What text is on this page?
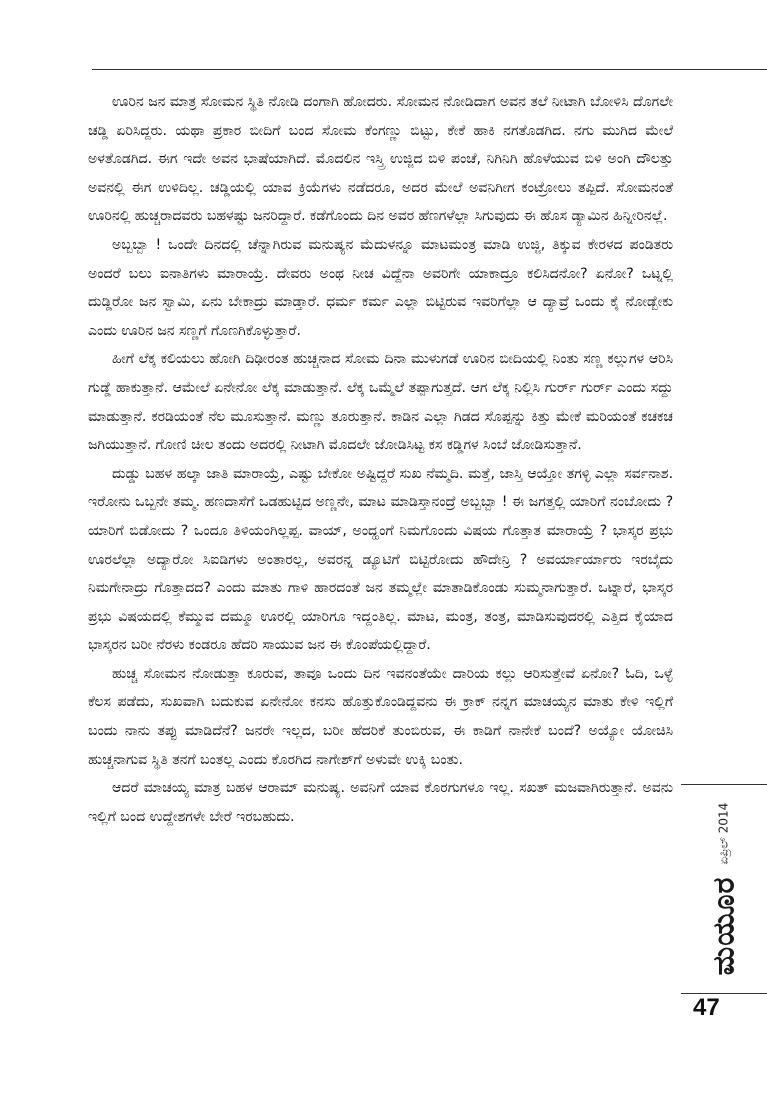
ಊರಿನ ಜನ ಮಾತ್ರ ಸೋಮನ ಸ್ಥಿತಿ ನೋಡಿ ದಂಗಾಗಿ ಹೋದರು. ಸೋಮನ ನೋಡಿದಾಗ ಅವನ ತಲೆ ನೀಟಾಗಿ ಬೋಳಿಸಿ ದೊಗಲೇ ಚಡ್ಡಿ ಏರಿಸಿದ್ದರು. ಯಥಾ ಪ್ರಕಾರ ಬೀದಿಗೆ ಬಂದ ಸೋಮ ಕೆಂಗಣ್ಣು ಬಿಟ್ಟು, ಕೇಕೆ ಹಾಕಿ ನಗತೊಡಗಿದ. ನಗು ಮುಗಿದ ಮೇಲೆ ಅಳತೊಡಗಿದ. ಈಗ ಇದೇ ಅವನ ಭಾಷೆಯಾಗಿದೆ. ಮೊದಲಿನ ಇಸ್ತ್ರಿ ಉಜ್ಜಿದ ಬಿಳಿ ಪಂಚೆ, ನಿಗಿನಿಗಿ ಹೊಳೆಯುವ ಬಿಳಿ ಅಂಗಿ ದೌಲತ್ತು ಅವನಲ್ಲಿ ಈಗ ಉಳಿದಿಲ್ಲ. ಚಡ್ಡಿಯಲ್ಲಿ ಯಾವ ಕ್ರಿಯೆಗಳು ನಡೆದರೂ, ಅದರ ಮೇಲೆ ಅವನಿಗೀಗ ಕಂಟ್ರೋಲು ತಪ್ಪಿದೆ. ಸೋಮನಂತೆ ಊರಿನಲ್ಲಿ ಹುಚ್ಚರಾದವರು ಬಹಳಷ್ಟು ಜನರಿದ್ದಾರೆ. ಕಡೆಗೊಂದು ದಿನ ಅವರ ಹೆಣಗಳೆಲ್ಲಾ ಸಿಗುವುದು ಈ ಹೊಸ ಡ್ಯಾಮಿನ ಹಿನ್ನೀರಿನಲ್ಲೆ.

ಅಬ್ಬಬ್ಬಾ ! ಒಂದೇ ದಿನದಲ್ಲಿ ಚೆನ್ನಾಗಿರುವ ಮನುಷ್ಯನ ಮೆದುಳನ್ನೂ ಮಾಟಮಂತ್ರ ಮಾಡಿ ಉಜ್ಜಿ, ತಿಕ್ಕುವ ಕೇರಳದ ಪಂಡಿತರು ಅಂದರೆ ಬಲು ಐನಾತಿಗಳು ಮಾರಾಯ್ರೆ. ದೇವರು ಅಂಥ ನೀಚ ವಿದ್ದೆನಾ ಅವರಿಗೇ ಯಾಕಾದ್ರೂ ಕಲಿಸಿದನೋ? ಏನೋ? ಒಟ್ನಲ್ಲಿ ದುಡ್ಡಿರೋ ಜನ ಸ್ವಾಮಿ, ಏನು ಬೇಕಾದ್ರು ಮಾಡ್ತಾರೆ. ಧರ್ಮ ಕರ್ಮ ಎಲ್ಲಾ ಬಿಟ್ಟಿರುವ ಇವರಿಗೆಲ್ಲಾ ಆ ದ್ಯಾವ್ರೆ ಒಂದು ಕೈ ನೋಡ್ಬೇಕು ಎಂದು ಊರಿನ ಜನ ಸಣ್ಣಗೆ ಗೊಣಗಿಕೊಳ್ಳುತ್ತಾರೆ.

ಹೀಗೆ ಲೆಕ್ಕ ಕಲಿಯಲು ಹೋಗಿ ದಿಢೀರಂತ ಹುಚ್ಚನಾದ ಸೋಮ ದಿನಾ ಮುಳುಗಡೆ ಊರಿನ ಬೀದಿಯಲ್ಲಿ ನಿಂತು ಸಣ್ಣ ಕಲ್ಲುಗಳ ಆರಿಸಿ ಗುಡ್ಡೆ ಹಾಕುತ್ತಾನೆ. ಆಮೇಲೆ ಏನೇನೋ ಲೆಕ್ಕ ಮಾಡುತ್ತಾನೆ. ಲೆಕ್ಕ ಒಮ್ಮೆಲೆ ತಪ್ಪಾಗುತ್ತದೆ. ಆಗ ಲೆಕ್ಕ ನಿಲ್ಲಿಸಿ ಗುರ್ರ್ ಗುರ್ರ್ ಎಂದು ಸದ್ದು ಮಾಡುತ್ತಾನೆ. ಕರಡಿಯಂತೆ ನೆಲ ಮೂಸುತ್ತಾನೆ. ಮಣ್ಣು ತೂರುತ್ತಾನೆ. ಕಾಡಿನ ಎಲ್ಲಾ ಗಿಡದ ಸೊಪ್ಪನ್ನು ಕಿತ್ತು ಮೇಕೆ ಮರಿಯಂತೆ ಕಚಕಚ ಜಗಿಯುತ್ತಾನೆ. ಗೋಣಿ ಚೀಲ ತಂದು ಅದರಲ್ಲಿ ನೀಟಾಗಿ ಮೊದಲೇ ಜೋಡಿಸಿಟ್ಟ ಕಸ ಕಡ್ಡಿಗಳ ಸಿಂಬೆ ಜೋಡಿಸುತ್ತಾನೆ.

ದುಡ್ಡು ಬಹಳ ಹಲ್ಕಾ ಜಾತಿ ಮಾರಾಯ್ರೆ, ಎಷ್ಟು ಬೇಕೋ ಅಷ್ಟಿದ್ದರೆ ಸುಖ ನೆಮ್ಮದಿ. ಮತ್ತೆ, ಜಾಸ್ತಿ ಆಯ್ತೋ ತಗಳ್ಳಿ ಎಲ್ಲಾ ಸರ್ವನಾಶ. ಇರೋನು ಒಬ್ಬನೇ ತಮ್ಮ. ಹಣದಾಸೆಗೆ ಒಡಹುಟ್ಟಿದ ಅಣ್ಣನೇ, ಮಾಟ ಮಾಡಿಸ್ತಾನಂದ್ರೆ ಅಬ್ಬಬ್ಬಾ ! ಈ ಜಗತ್ತಲ್ಲಿ ಯಾರಿಗೆ ನಂಬೋದು ? ಯಾರಿಗೆ ಬಿಡೋದು ? ಒಂದೂ ತಿಳಿಯಂಗಿಲ್ಲಪ್ಪ. ವಾಯ್, ಅಂದ್ಹಂಗೆ ನಿಮಗೊಂದು ವಿಷಯ ಗೊತ್ತಾತ ಮಾರಾಯ್ರೆ ? ಭಾಸ್ಕರ ಪ್ರಭು ಊರಲೆಲ್ಲಾ ಅದ್ಯಾರೋ ಸಿಐಡಿಗಳು ಅಂತಾರಲ್ಲ, ಅವರನ್ನ ಡ್ಯೂಟಿಗೆ ಬಿಟ್ಟಿರೋದು ಹೌದೇನ್ರಿ ? ಅವರ್ಯಾರ್ಯಾರು ಇರಬೈದು ನಿಮಗೇನಾದ್ರು ಗೊತ್ತಾದದ? ಎಂದು ಮಾತು ಗಾಳಿ ಹಾರದಂತೆ ಜನ ತಮ್ಮಲ್ಲೇ ಮಾತಾಡಿಕೊಂಡು ಸುಮ್ಮನಾಗುತ್ತಾರೆ. ಒಟ್ನಾರೆ, ಭಾಸ್ಕರ ಪ್ರಭು ವಿಷಯದಲ್ಲಿ ಕೆಮ್ಮುವ ದಮ್ಮೂ ಊರಲ್ಲಿ ಯಾರಿಗೂ ಇದ್ದಂತಿಲ್ಲ. ಮಾಟ, ಮಂತ್ರ, ತಂತ್ರ, ಮಾಡಿಸುವುದರಲ್ಲಿ ಎತ್ತಿದ ಕೈಯಾದ ಭಾಸ್ಕರನ ಬರೀ ನೆರಳು ಕಂಡರೂ ಹೆದರಿ ಸಾಯುವ ಜನ ಈ ಕೊಂಪೆಯಲ್ಲಿದ್ದಾರೆ.

ಹುಚ್ಚ ಸೋಮನ ನೋಡುತ್ತಾ ಕೂರುವ, ತಾವೂ ಒಂದು ದಿನ ಇವನಂತೆಯೇ ದಾರಿಯ ಕಲ್ಲು ಆರಿಸುತ್ತೇವೆ ಏನೋ? ಓದಿ, ಒಳ್ಳೆ ಕೆಲಸ ಪಡೆದು, ಸುಖವಾಗಿ ಬದುಕುವ ಏನೇನೋ ಕನಸು ಹೊತ್ತುಕೊಂಡಿದ್ದವನು ಈ ಕ್ರಾಕ್ ನನ್ನಗ ಮಾಚಯ್ಯನ ಮಾತು ಕೇಳಿ ಇಲ್ಲಿಗೆ ಬಂದು ನಾನು ತಪ್ಪು ಮಾಡಿದೆನೆ? ಜನರೇ ಇಲ್ಲದ, ಬರೀ ಹೆದರಿಕೆ ತುಂಬಿರುವ, ಈ ಕಾಡಿಗೆ ನಾನೇಕೆ ಬಂದೆ? ಅಯ್ಯೋ ಯೋಚಿಸಿ ಹುಚ್ಚನಾಗುವ ಸ್ಥಿತಿ ತನಗೆ ಬಂತಲ್ಲ ಎಂದು ಕೊರಗಿದ ನಾಗೇಶ್‌ಗೆ ಅಳುವೇ ಉಕ್ಕಿ ಬಂತು.

ಆದರೆ ಮಾಚಯ್ಯ ಮಾತ್ರ ಬಹಳ ಆರಾಮ್ ಮನುಷ್ಯ. ಅವನಿಗೆ ಯಾವ ಕೊರಗುಗಳೂ ಇಲ್ಲ. ಸಖತ್ ಮಜವಾಗಿರುತ್ತಾನೆ. ಅವನು ಇಲ್ಲಿಗೆ ಬಂದ ಉದ್ದೇಶಗಳೇ ಬೇರೆ ಇರಬಹುದು.

ಮಯೂರ
ಏಪ್ರಿಲ್ 2014
47
